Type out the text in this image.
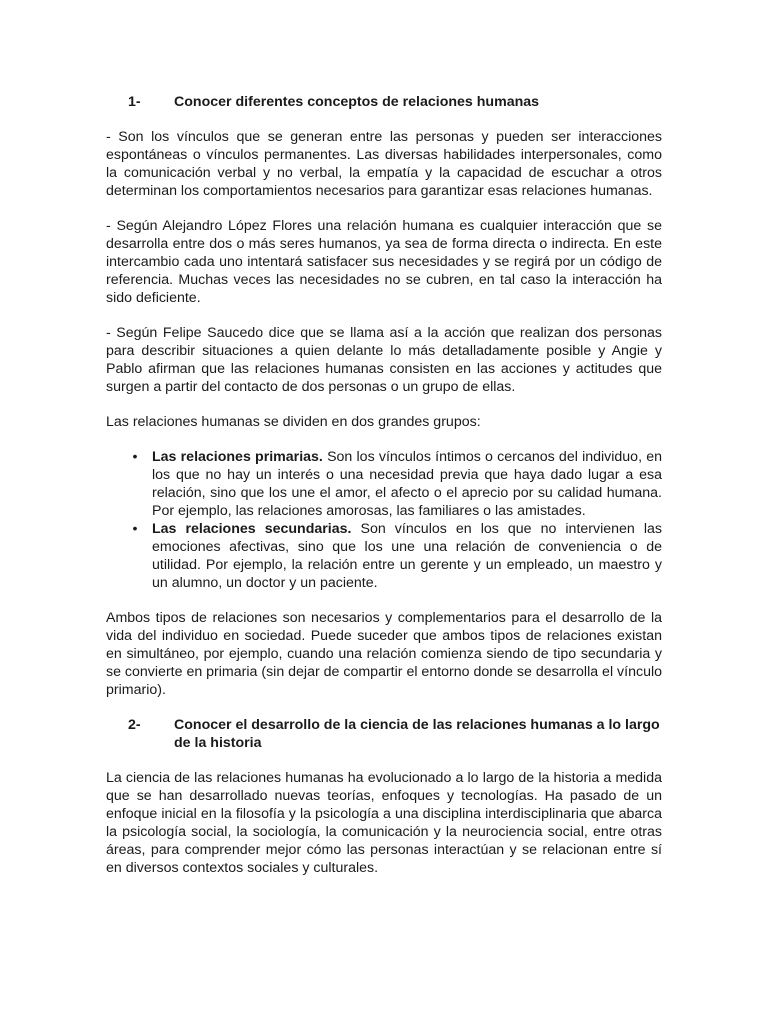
1-	Conocer diferentes conceptos de relaciones humanas

- Son los vínculos que se generan entre las personas y pueden ser interacciones espontáneas o vínculos permanentes. Las diversas habilidades interpersonales, como la comunicación verbal y no verbal, la empatía y la capacidad de escuchar a otros determinan los comportamientos necesarios para garantizar esas relaciones humanas.

- Según Alejandro López Flores una relación humana es cualquier interacción que se desarrolla entre dos o más seres humanos, ya sea de forma directa o indirecta. En este intercambio cada uno intentará satisfacer sus necesidades y se regirá por un código de referencia. Muchas veces las necesidades no se cubren, en tal caso la interacción ha sido deficiente.

- Según Felipe Saucedo dice que se llama así a la acción que realizan dos personas para describir situaciones a quien delante lo más detalladamente posible y Angie y Pablo afirman que las relaciones humanas consisten en las acciones y actitudes que surgen a partir del contacto de dos personas o un grupo de ellas.

Las relaciones humanas se dividen en dos grandes grupos:

• Las relaciones primarias. Son los vínculos íntimos o cercanos del individuo, en los que no hay un interés o una necesidad previa que haya dado lugar a esa relación, sino que los une el amor, el afecto o el aprecio por su calidad humana. Por ejemplo, las relaciones amorosas, las familiares o las amistades.
• Las relaciones secundarias. Son vínculos en los que no intervienen las emociones afectivas, sino que los une una relación de conveniencia o de utilidad. Por ejemplo, la relación entre un gerente y un empleado, un maestro y un alumno, un doctor y un paciente.

Ambos tipos de relaciones son necesarios y complementarios para el desarrollo de la vida del individuo en sociedad. Puede suceder que ambos tipos de relaciones existan en simultáneo, por ejemplo, cuando una relación comienza siendo de tipo secundaria y se convierte en primaria (sin dejar de compartir el entorno donde se desarrolla el vínculo primario).

2-	Conocer el desarrollo de la ciencia de las relaciones humanas a lo largo de la historia

La ciencia de las relaciones humanas ha evolucionado a lo largo de la historia a medida que se han desarrollado nuevas teorías, enfoques y tecnologías. Ha pasado de un enfoque inicial en la filosofía y la psicología a una disciplina interdisciplinaria que abarca la psicología social, la sociología, la comunicación y la neurociencia social, entre otras áreas, para comprender mejor cómo las personas interactúan y se relacionan entre sí en diversos contextos sociales y culturales.
